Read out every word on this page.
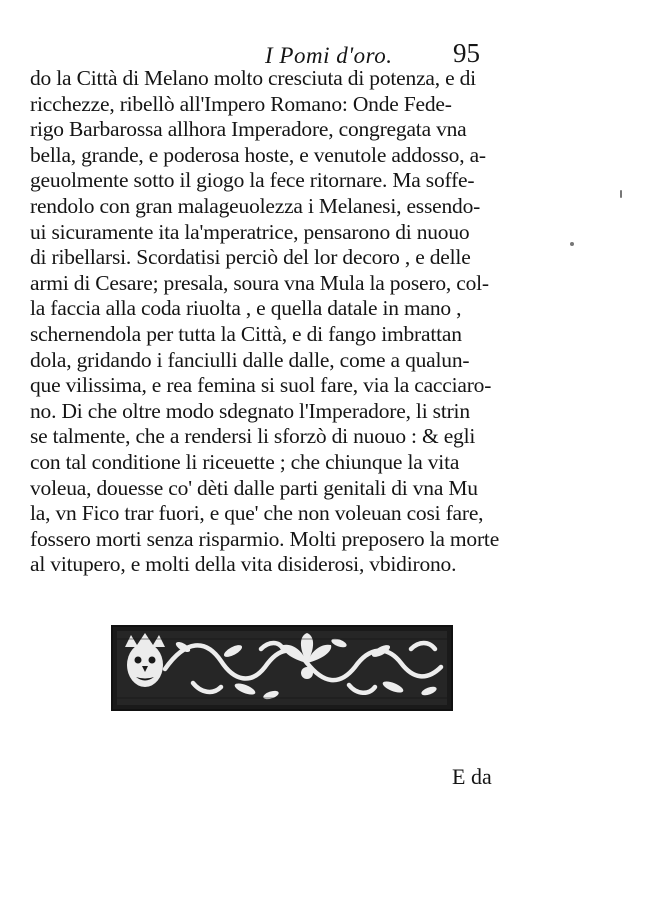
I Pomi d'oro. 95
do la Città di Melano molto cresciuta di potenza, e di
ricchezze, ribellò all'Impero Romano: Onde Fede-
rigo Barbarossa allhora Imperadore, congregata vna
bella, grande, e poderosa hoste, e venutole addosso, a-
geuolmente sotto il giogo la fece ritornare. Ma soffe-
rendolo con gran malageuolezza i Melanesi, essendo-
ui sicuramente ita la'mperatrice, pensarono di nuouo
di ribellarsi. Scordatisi perciò del lor decoro , e delle
armi di Cesare; presala, soura vna Mula la posero, col-
la faccia alla coda riuolta , e quella datale in mano ,
schernendola per tutta la Città, e di fango imbrattan
dola, gridando i fanciulli dalle dalle, come a qualun-
que vilissima, e rea femina si suol fare, via la cacciaro-
no. Di che oltre modo sdegnato l'Imperadore, li strin
se talmente, che a rendersi li sforzò di nuouo : & egli
con tal conditione li riceuette ; che chiunque la vita
voleua, douesse co' dèti dalle parti genitali di vna Mu
la, vn Fico trar fuori, e que' che non voleuan cosi fare,
fossero morti senza risparmio. Molti preposero la morte
al vitupero, e molti della vita disiderosi, vbidirono.
E da
